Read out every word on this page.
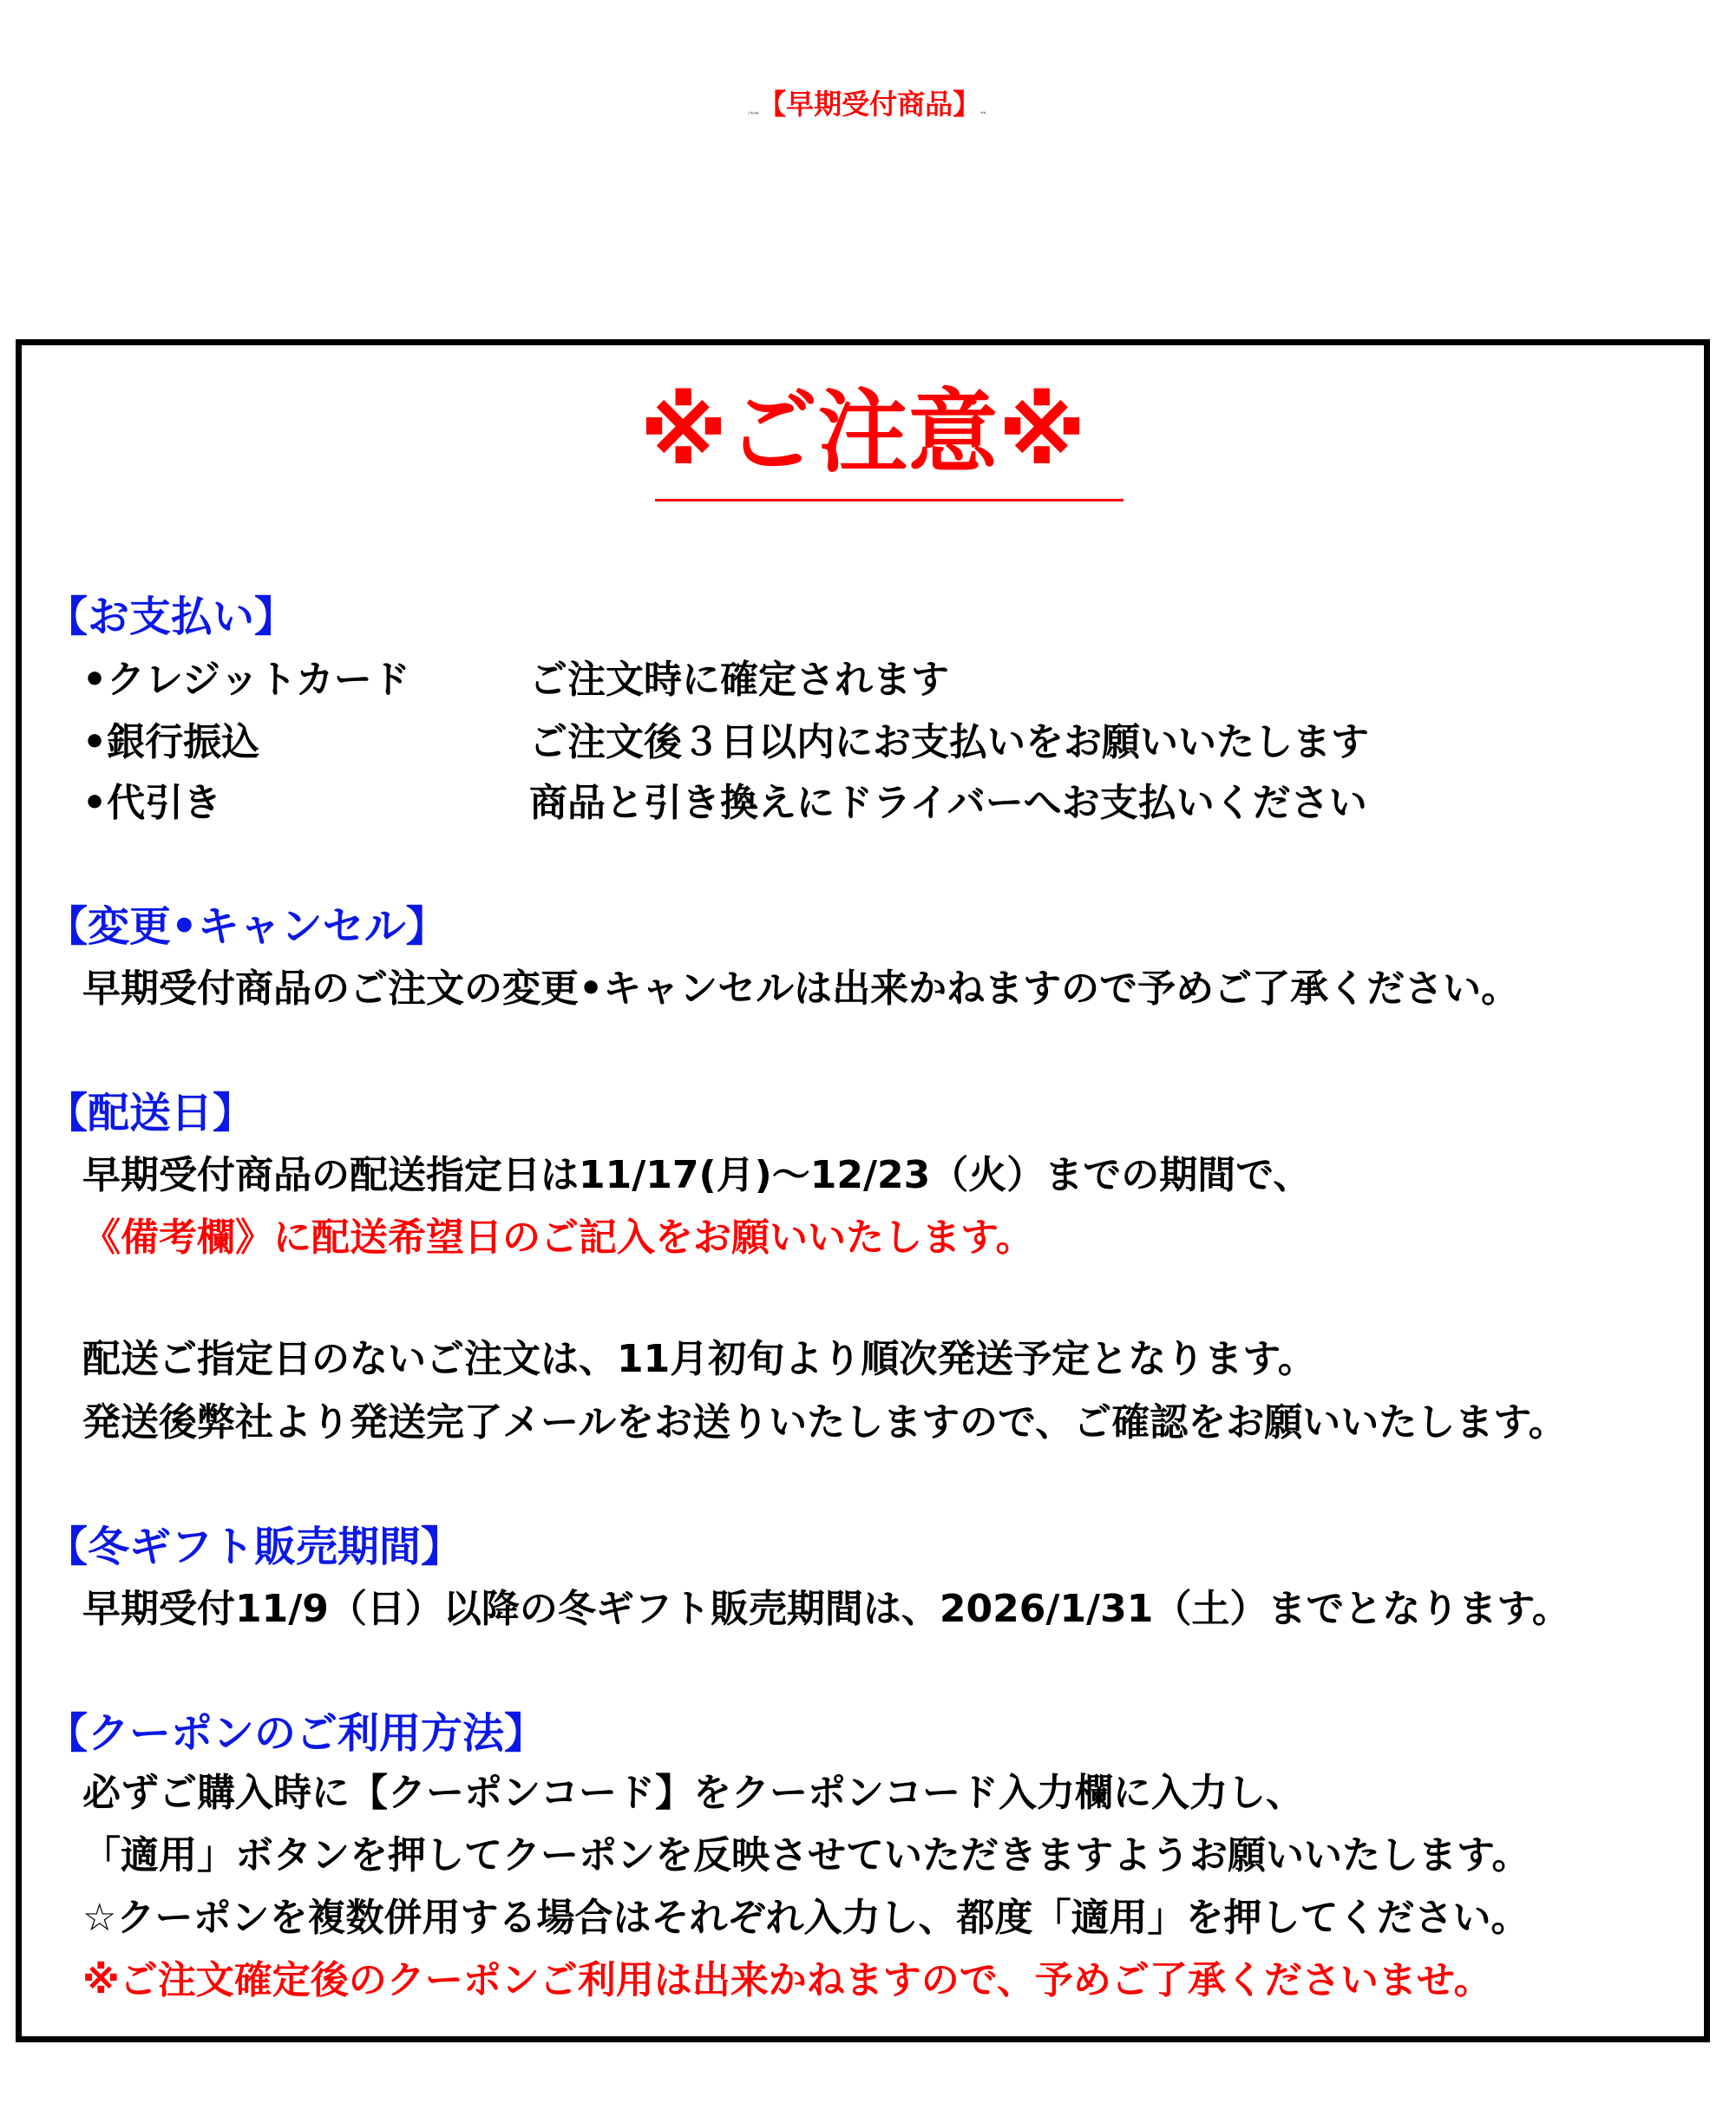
こちらは【早期受付商品】です。
※ご注意※
【お支払い】
•クレジットカード	ご注文時に確定されます
•銀行振込	ご注文後３日以内にお支払いをお願いいたします
•代引き	商品と引き換えにドライバーへお支払いください
【変更•キャンセル】
早期受付商品のご注文の変更•キャンセルは出来かねますので予めご了承ください。
【配送日】
早期受付商品の配送指定日は11/17(月)〜12/23（火）までの期間で、
《備考欄》に配送希望日のご記入をお願いいたします。
配送ご指定日のないご注文は、11月初旬より順次発送予定となります。
発送後弊社より発送完了メールをお送りいたしますので、ご確認をお願いいたします。
【冬ギフト販売期間】
早期受付11/9（日）以降の冬ギフト販売期間は、2026/1/31（土）までとなります。
【クーポンのご利用方法】
必ずご購入時に【クーポンコード】をクーポンコード入力欄に入力し、
「適用」ボタンを押してクーポンを反映させていただきますようお願いいたします。
☆クーポンを複数併用する場合はそれぞれ入力し、都度「適用」を押してください。
※ご注文確定後のクーポンご利用は出来かねますので、予めご了承くださいませ。
